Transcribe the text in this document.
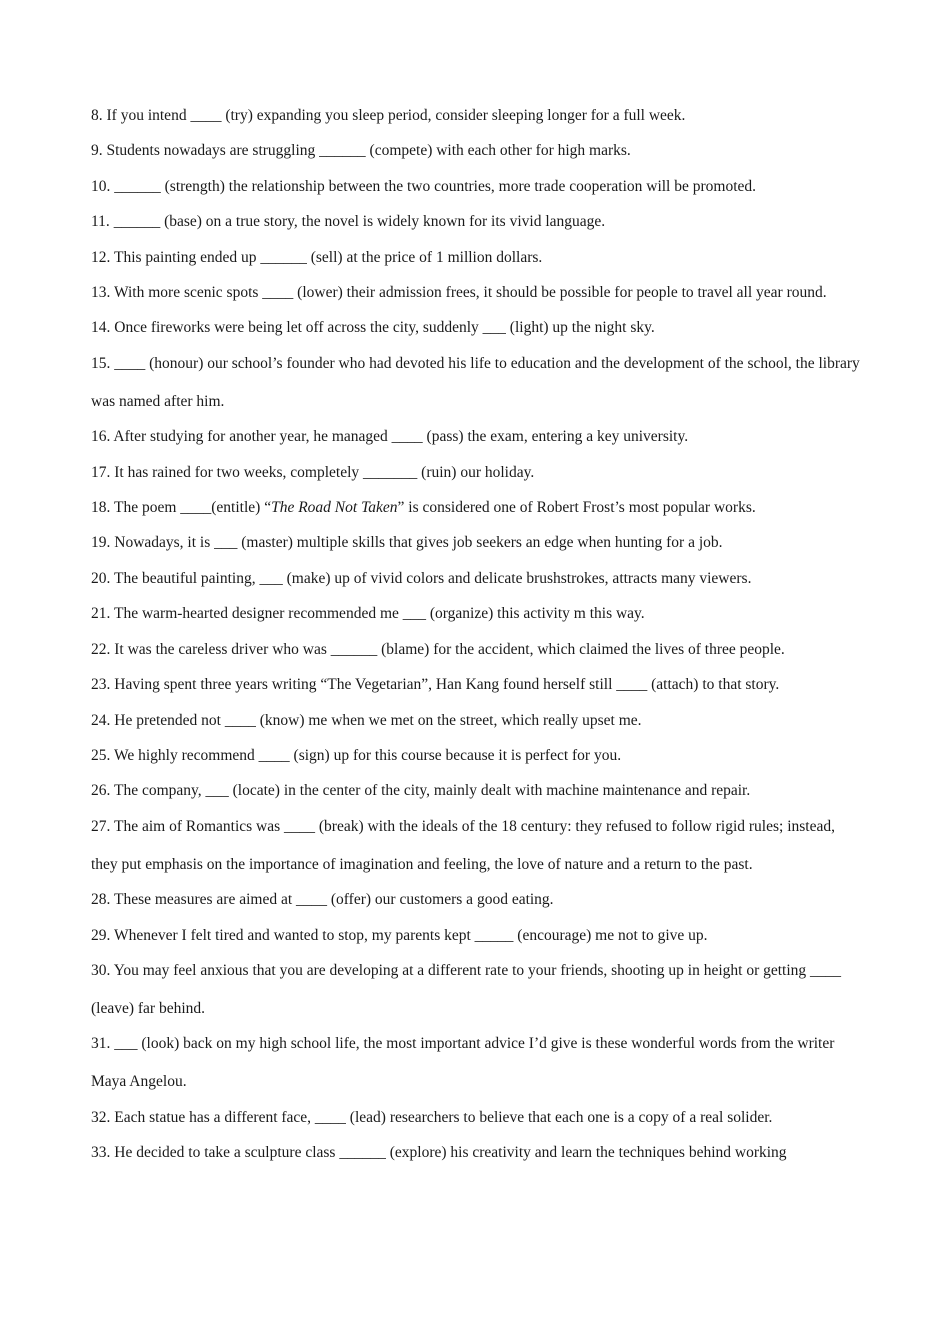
8. If you intend ____ (try) expanding you sleep period, consider sleeping longer for a full week.

9. Students nowadays are struggling ______ (compete) with each other for high marks.

10. ______ (strength) the relationship between the two countries, more trade cooperation will be promoted.

11. ______ (base) on a true story, the novel is widely known for its vivid language.

12. This painting ended up ______ (sell) at the price of 1 million dollars.

13. With more scenic spots ____ (lower) their admission frees, it should be possible for people to travel all year round.

14. Once fireworks were being let off across the city, suddenly ___ (light) up the night sky.

15. ____ (honour) our school’s founder who had devoted his life to education and the development of the school, the library was named after him.

16. After studying for another year, he managed ____ (pass) the exam, entering a key university.

17. It has rained for two weeks, completely _______ (ruin) our holiday.

18. The poem ____(entitle) “The Road Not Taken” is considered one of Robert Frost’s most popular works.

19. Nowadays, it is ___ (master) multiple skills that gives job seekers an edge when hunting for a job.

20. The beautiful painting, ___ (make) up of vivid colors and delicate brushstrokes, attracts many viewers.

21. The warm-hearted designer recommended me ___ (organize) this activity m this way.

22. It was the careless driver who was ______ (blame) for the accident, which claimed the lives of three people.

23. Having spent three years writing “The Vegetarian”, Han Kang found herself still ____ (attach) to that story.

24. He pretended not ____ (know) me when we met on the street, which really upset me.

25. We highly recommend ____ (sign) up for this course because it is perfect for you.

26. The company, ___ (locate) in the center of the city, mainly dealt with machine maintenance and repair.

27. The aim of Romantics was ____ (break) with the ideals of the 18 century: they refused to follow rigid rules; instead, they put emphasis on the importance of imagination and feeling, the love of nature and a return to the past.

28. These measures are aimed at ____ (offer) our customers a good eating.

29. Whenever I felt tired and wanted to stop, my parents kept _____ (encourage) me not to give up.

30. You may feel anxious that you are developing at a different rate to your friends, shooting up in height or getting ____ (leave) far behind.

31. ___ (look) back on my high school life, the most important advice I’d give is these wonderful words from the writer Maya Angelou.

32. Each statue has a different face, ____ (lead) researchers to believe that each one is a copy of a real solider.

33. He decided to take a sculpture class ______ (explore) his creativity and learn the techniques behind working
